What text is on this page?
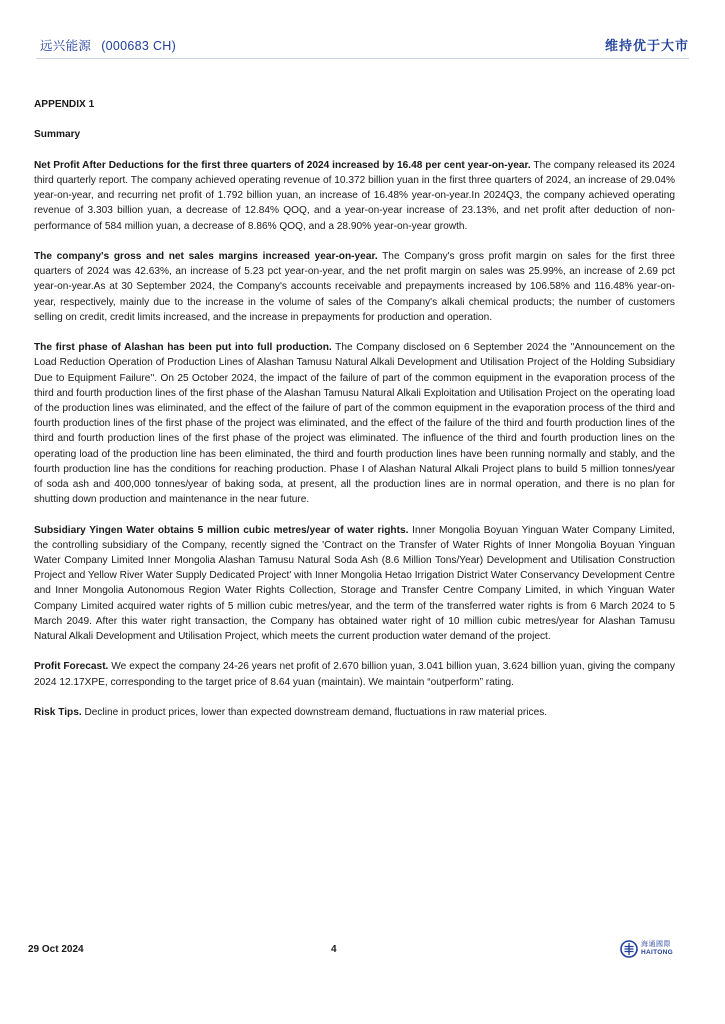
远兴能源 (000683 CH)	维持优于大市

APPENDIX 1

Summary

Net Profit After Deductions for the first three quarters of 2024 increased by 16.48 per cent year-on-year. The company released its 2024 third quarterly report. The company achieved operating revenue of 10.372 billion yuan in the first three quarters of 2024, an increase of 29.04% year-on-year, and recurring net profit of 1.792 billion yuan, an increase of 16.48% year-on-year.In 2024Q3, the company achieved operating revenue of 3.303 billion yuan, a decrease of 12.84% QOQ, and a year-on-year increase of 23.13%, and net profit after deduction of non-performance of 584 million yuan, a decrease of 8.86% QOQ, and a 28.90% year-on-year growth.

The company's gross and net sales margins increased year-on-year. The Company's gross profit margin on sales for the first three quarters of 2024 was 42.63%, an increase of 5.23 pct year-on-year, and the net profit margin on sales was 25.99%, an increase of 2.69 pct year-on-year.As at 30 September 2024, the Company's accounts receivable and prepayments increased by 106.58% and 116.48% year-on-year, respectively, mainly due to the increase in the volume of sales of the Company's alkali chemical products; the number of customers selling on credit, credit limits increased, and the increase in prepayments for production and operation.

The first phase of Alashan has been put into full production. The Company disclosed on 6 September 2024 the ''Announcement on the Load Reduction Operation of Production Lines of Alashan Tamusu Natural Alkali Development and Utilisation Project of the Holding Subsidiary Due to Equipment Failure''. On 25 October 2024, the impact of the failure of part of the common equipment in the evaporation process of the third and fourth production lines of the first phase of the Alashan Tamusu Natural Alkali Exploitation and Utilisation Project on the operating load of the production lines was eliminated, and the effect of the failure of part of the common equipment in the evaporation process of the third and fourth production lines of the first phase of the project was eliminated, and the effect of the failure of the third and fourth production lines of the third and fourth production lines of the first phase of the project was eliminated. The influence of the third and fourth production lines on the operating load of the production line has been eliminated, the third and fourth production lines have been running normally and stably, and the fourth production line has the conditions for reaching production. Phase I of Alashan Natural Alkali Project plans to build 5 million tonnes/year of soda ash and 400,000 tonnes/year of baking soda, at present, all the production lines are in normal operation, and there is no plan for shutting down production and maintenance in the near future.

Subsidiary Yingen Water obtains 5 million cubic metres/year of water rights. Inner Mongolia Boyuan Yinguan Water Company Limited, the controlling subsidiary of the Company, recently signed the 'Contract on the Transfer of Water Rights of Inner Mongolia Boyuan Yinguan Water Company Limited Inner Mongolia Alashan Tamusu Natural Soda Ash (8.6 Million Tons/Year) Development and Utilisation Construction Project and Yellow River Water Supply Dedicated Project' with Inner Mongolia Hetao Irrigation District Water Conservancy Development Centre and Inner Mongolia Autonomous Region Water Rights Collection, Storage and Transfer Centre Company Limited, in which Yinguan Water Company Limited acquired water rights of 5 million cubic metres/year, and the term of the transferred water rights is from 6 March 2024 to 5 March 2049. After this water right transaction, the Company has obtained water right of 10 million cubic metres/year for Alashan Tamusu Natural Alkali Development and Utilisation Project, which meets the current production water demand of the project.

Profit Forecast. We expect the company 24-26 years net profit of 2.670 billion yuan, 3.041 billion yuan, 3.624 billion yuan, giving the company 2024 12.17XPE, corresponding to the target price of 8.64 yuan (maintain). We maintain “outperform” rating.

Risk Tips. Decline in product prices, lower than expected downstream demand, fluctuations in raw material prices.

29 Oct 2024	4	海通國際
HAITONG
